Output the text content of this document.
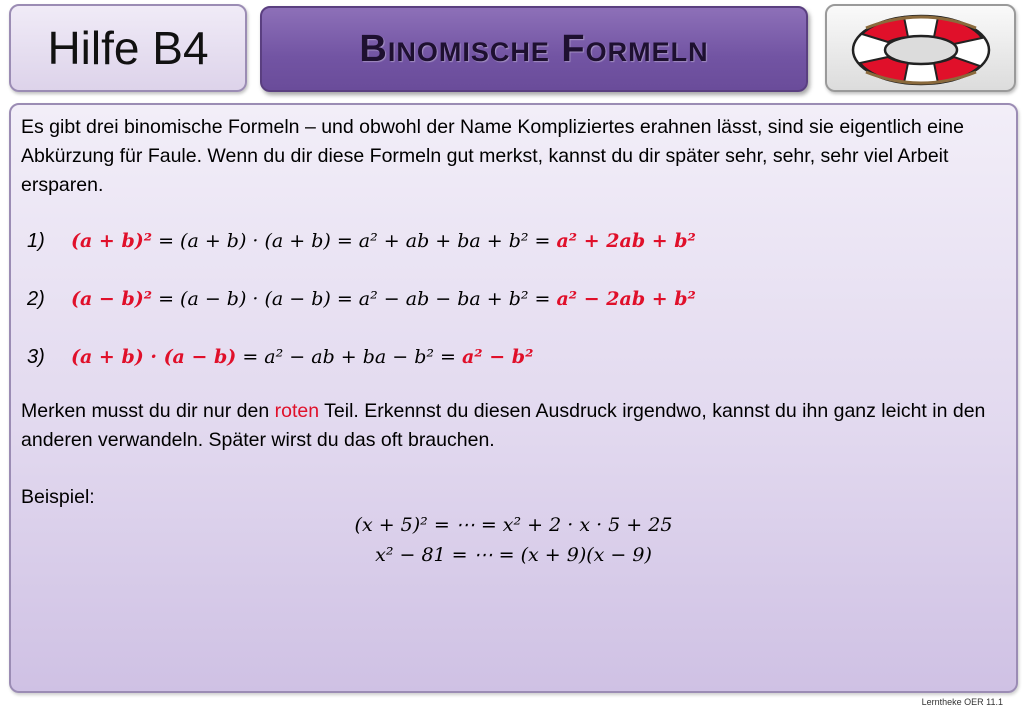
Hilfe B4	Binomische Formeln
Es gibt drei binomische Formeln – und obwohl der Name Kompliziertes erahnen lässt, sind sie eigentlich eine Abkürzung für Faule. Wenn du dir diese Formeln gut merkst, kannst du dir später sehr, sehr, sehr viel Arbeit ersparen.
1) (a + b)² = (a + b) · (a + b) = a² + ab + ba + b² = a² + 2ab + b²
2) (a − b)² = (a − b) · (a − b) = a² − ab − ba + b² = a² − 2ab + b²
3) (a + b) · (a − b) = a² − ab + ba − b² = a² − b²
Merken musst du dir nur den roten Teil. Erkennst du diesen Ausdruck irgendwo, kannst du ihn ganz leicht in den anderen verwandeln. Später wirst du das oft brauchen.
Beispiel:
(x + 5)² = ⋯ = x² + 2 · x · 5 + 25
x² − 81 = ⋯ = (x + 9)(x − 9)
Lerntheke OER 11.1
